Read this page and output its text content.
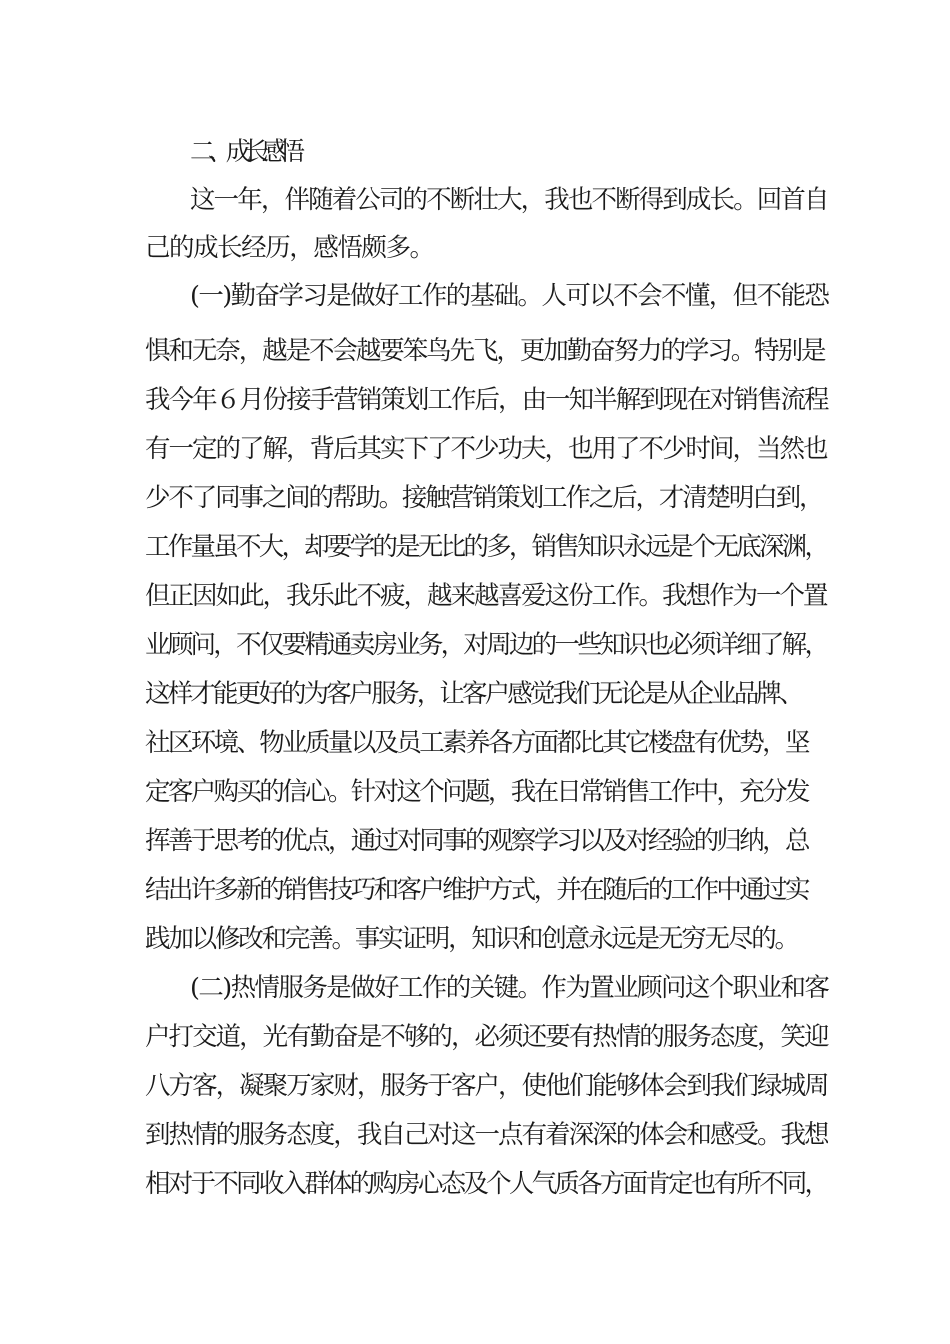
二、成长感悟
这一年，伴随着公司的不断壮大，我也不断得到成长。回首自
己的成长经历，感悟颇多。
(一)勤奋学习是做好工作的基础。人可以不会不懂，但不能恐
惧和无奈，越是不会越要笨鸟先飞，更加勤奋努力的学习。特别是
我今年６月份接手营销策划工作后，由一知半解到现在对销售流程
有一定的了解，背后其实下了不少功夫，也用了不少时间，当然也
少不了同事之间的帮助。接触营销策划工作之后，才清楚明白到，
工作量虽不大，却要学的是无比的多，销售知识永远是个无底深渊，
但正因如此，我乐此不疲，越来越喜爱这份工作。我想作为一个置
业顾问，不仅要精通卖房业务，对周边的一些知识也必须详细了解，
这样才能更好的为客户服务，让客户感觉我们无论是从企业品牌、
社区环境、物业质量以及员工素养各方面都比其它楼盘有优势，坚
定客户购买的信心。针对这个问题，我在日常销售工作中，充分发
挥善于思考的优点，通过对同事的观察学习以及对经验的归纳，总
结出许多新的销售技巧和客户维护方式，并在随后的工作中通过实
践加以修改和完善。事实证明，知识和创意永远是无穷无尽的。
(二)热情服务是做好工作的关键。作为置业顾问这个职业和客
户打交道，光有勤奋是不够的，必须还要有热情的服务态度，笑迎
八方客，凝聚万家财，服务于客户，使他们能够体会到我们绿城周
到热情的服务态度，我自己对这一点有着深深的体会和感受。我想
相对于不同收入群体的购房心态及个人气质各方面肯定也有所不同，
